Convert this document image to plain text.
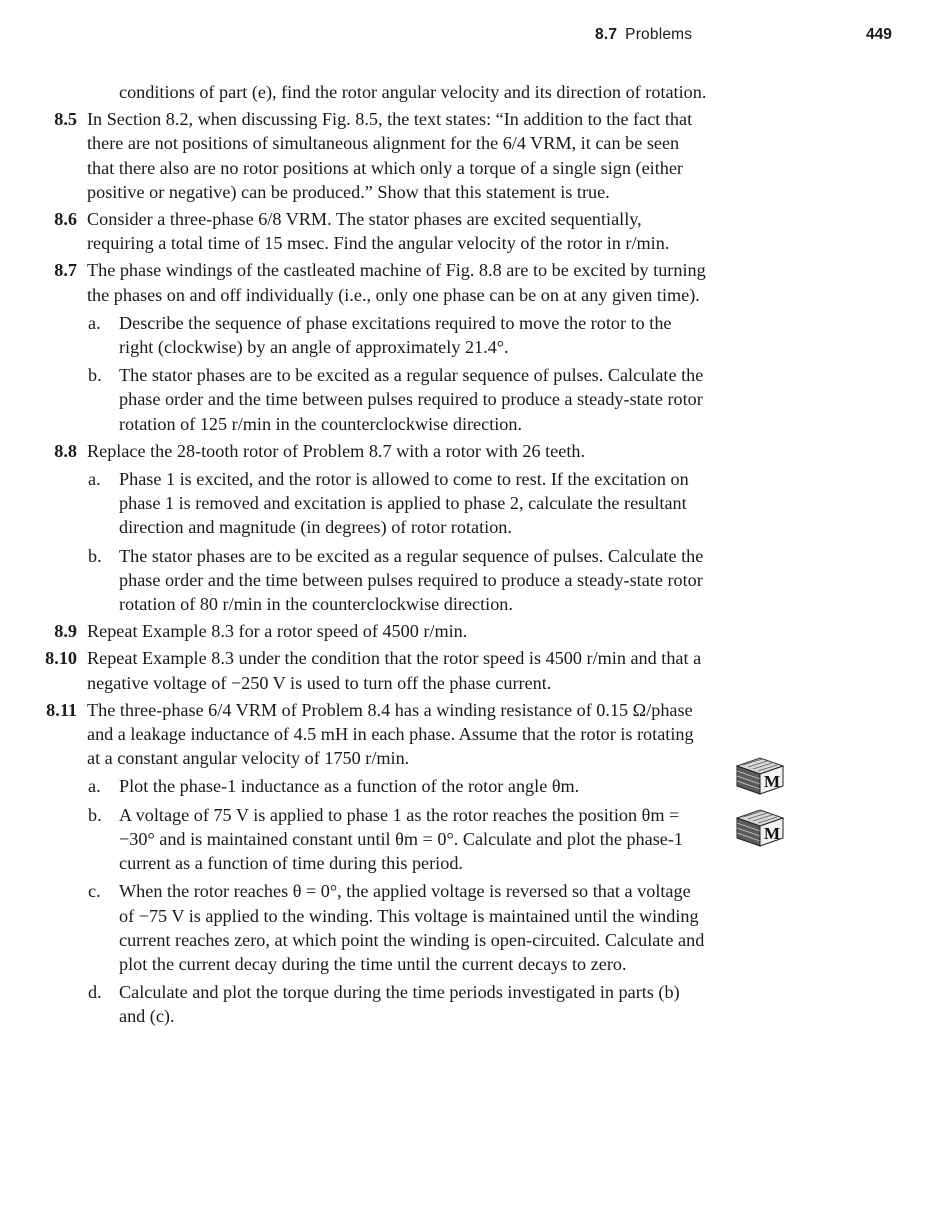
8.7 Problems	449

conditions of part (e), find the rotor angular velocity and its direction of rotation.

8.5 In Section 8.2, when discussing Fig. 8.5, the text states: “In addition to the fact that there are not positions of simultaneous alignment for the 6/4 VRM, it can be seen that there also are no rotor positions at which only a torque of a single sign (either positive or negative) can be produced.” Show that this statement is true.

8.6 Consider a three-phase 6/8 VRM. The stator phases are excited sequentially, requiring a total time of 15 msec. Find the angular velocity of the rotor in r/min.

8.7 The phase windings of the castleated machine of Fig. 8.8 are to be excited by turning the phases on and off individually (i.e., only one phase can be on at any given time).

a. Describe the sequence of phase excitations required to move the rotor to the right (clockwise) by an angle of approximately 21.4°.

b. The stator phases are to be excited as a regular sequence of pulses. Calculate the phase order and the time between pulses required to produce a steady-state rotor rotation of 125 r/min in the counterclockwise direction.

8.8 Replace the 28-tooth rotor of Problem 8.7 with a rotor with 26 teeth.

a. Phase 1 is excited, and the rotor is allowed to come to rest. If the excitation on phase 1 is removed and excitation is applied to phase 2, calculate the resultant direction and magnitude (in degrees) of rotor rotation.

b. The stator phases are to be excited as a regular sequence of pulses. Calculate the phase order and the time between pulses required to produce a steady-state rotor rotation of 80 r/min in the counterclockwise direction.

8.9 Repeat Example 8.3 for a rotor speed of 4500 r/min.

8.10 Repeat Example 8.3 under the condition that the rotor speed is 4500 r/min and that a negative voltage of −250 V is used to turn off the phase current.

8.11 The three-phase 6/4 VRM of Problem 8.4 has a winding resistance of 0.15 Ω/phase and a leakage inductance of 4.5 mH in each phase. Assume that the rotor is rotating at a constant angular velocity of 1750 r/min.

a. Plot the phase-1 inductance as a function of the rotor angle θm.

b. A voltage of 75 V is applied to phase 1 as the rotor reaches the position θm = −30° and is maintained constant until θm = 0°. Calculate and plot the phase-1 current as a function of time during this period.

c. When the rotor reaches θ = 0°, the applied voltage is reversed so that a voltage of −75 V is applied to the winding. This voltage is maintained until the winding current reaches zero, at which point the winding is open-circuited. Calculate and plot the current decay during the time until the current decays to zero.

d. Calculate and plot the torque during the time periods investigated in parts (b) and (c).

M
M
